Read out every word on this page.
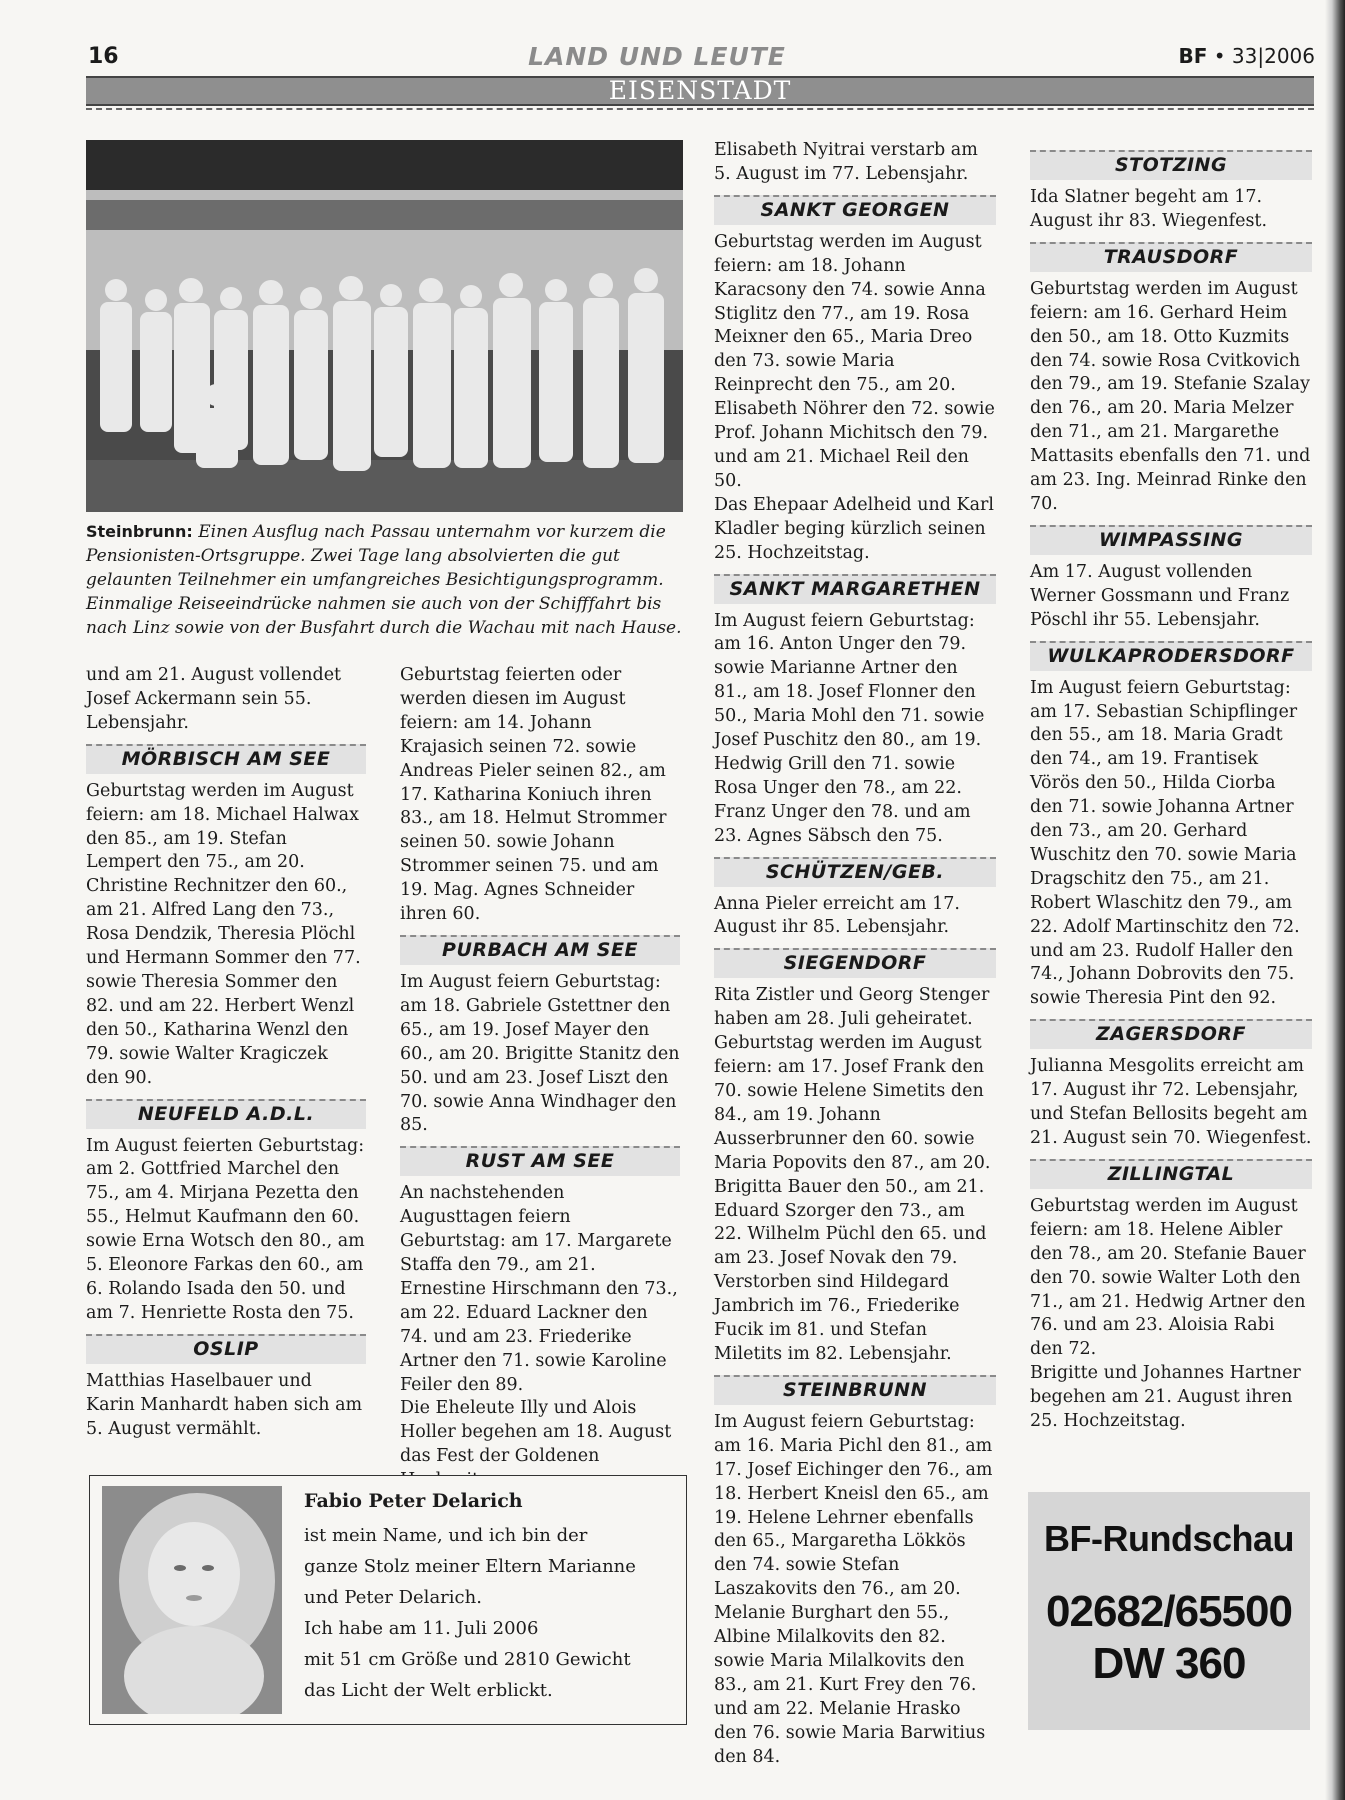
16	LAND UND LEUTE	BF • 33|2006
EISENSTADT
Steinbrunn: Einen Ausflug nach Passau unternahm vor kurzem die Pensionisten-Ortsgruppe. Zwei Tage lang absolvierten die gut gelaunten Teilnehmer ein umfangreiches Besichtigungsprogramm. Einmalige Reiseeindrücke nahmen sie auch von der Schifffahrt bis nach Linz sowie von der Busfahrt durch die Wachau mit nach Hause.

und am 21. August vollendet Josef Ackermann sein 55. Lebensjahr.

MÖRBISCH AM SEE

Geburtstag werden im August feiern: am 18. Michael Halwax den 85., am 19. Stefan Lempert den 75., am 20. Christine Rechnitzer den 60., am 21. Alfred Lang den 73., Rosa Dendzik, Theresia Plöchl und Hermann Sommer den 77. sowie Theresia Sommer den 82. und am 22. Herbert Wenzl den 50., Katharina Wenzl den 79. sowie Walter Kragiczek den 90.

NEUFELD A.D.L.

Im August feierten Geburtstag: am 2. Gottfried Marchel den 75., am 4. Mirjana Pezetta den 55., Helmut Kaufmann den 60. sowie Erna Wotsch den 80., am 5. Eleonore Farkas den 60., am 6. Rolando Isada den 50. und am 7. Henriette Rosta den 75.

OSLIP

Matthias Haselbauer und Karin Manhardt haben sich am 5. August vermählt.

Geburtstag feierten oder werden diesen im August feiern: am 14. Johann Krajasich seinen 72. sowie Andreas Pieler seinen 82., am 17. Katharina Koniuch ihren 83., am 18. Helmut Strommer seinen 50. sowie Johann Strommer seinen 75. und am 19. Mag. Agnes Schneider ihren 60.

PURBACH AM SEE

Im August feiern Geburtstag: am 18. Gabriele Gstettner den 65., am 19. Josef Mayer den 60., am 20. Brigitte Stanitz den 50. und am 23. Josef Liszt den 70. sowie Anna Windhager den 85.

RUST AM SEE

An nachstehenden Augusttagen feiern Geburtstag: am 17. Margarete Staffa den 79., am 21. Ernestine Hirschmann den 73., am 22. Eduard Lackner den 74. und am 23. Friederike Artner den 71. sowie Karoline Feiler den 89.

Die Eheleute Illy und Alois Holler begehen am 18. August das Fest der Goldenen

Elisabeth Nyitrai verstarb am 5. August im 77. Lebensjahr.

SANKT GEORGEN

Geburtstag werden im August feiern: am 18. Johann Karacsony den 74. sowie Anna Stiglitz den 77., am 19. Rosa Meixner den 65., Maria Dreo den 73. sowie Maria Reinprecht den 75., am 20. Elisabeth Nöhrer den 72. sowie Prof. Johann Michitsch den 79. und am 21. Michael Reil den 50.

Das Ehepaar Adelheid und Karl Kladler beging kürzlich seinen 25. Hochzeitstag.

SANKT MARGARETHEN

Im August feiern Geburtstag: am 16. Anton Unger den 79. sowie Marianne Artner den 81., am 18. Josef Flonner den 50., Maria Mohl den 71. sowie Josef Puschitz den 80., am 19. Hedwig Grill den 71. sowie Rosa Unger den 78., am 22. Franz Unger den 78. und am 23. Agnes Säbsch den 75.

SCHÜTZEN/GEB.

Anna Pieler erreicht am 17. August ihr 85. Lebensjahr.

SIEGENDORF

Rita Zistler und Georg Stenger haben am 28. Juli geheiratet.

Geburtstag werden im August feiern: am 17. Josef Frank den 70. sowie Helene Simetits den 84., am 19. Johann Ausserbrunner den 60. sowie Maria Popovits den 87., am 20. Brigitta Bauer den 50., am 21. Eduard Szorger den 73., am 22. Wilhelm Püchl den 65. und am 23. Josef Novak den 79.

Verstorben sind Hildegard Jambrich im 76., Friederike Fucik im 81. und Stefan Miletits im 82. Lebensjahr.

STEINBRUNN

Im August feiern Geburtstag: am 16. Maria Pichl den 81., am 17. Josef Eichinger den 76., am 18. Herbert Kneisl den 65., am 19. Helene Lehrner ebenfalls den 65., Margaretha Lökkös den 74. sowie Stefan Laszakovits den 76., am 20. Melanie Burghart den 55., Albine Milalkovits den 82. sowie Maria Milalkovits den 83., am 21. Kurt Frey den 76. und am 22. Melanie Hrasko den 76. sowie Maria Barwitius den 84.

STOTZING

Ida Slatner begeht am 17. August ihr 83. Wiegenfest.

TRAUSDORF

Geburtstag werden im August feiern: am 16. Gerhard Heim den 50., am 18. Otto Kuzmits den 74. sowie Rosa Cvitkovich den 79., am 19. Stefanie Szalay den 76., am 20. Maria Melzer den 71., am 21. Margarethe Mattasits ebenfalls den 71. und am 23. Ing. Meinrad Rinke den 70.

WIMPASSING

Am 17. August vollenden Werner Gossmann und Franz Pöschl ihr 55. Lebensjahr.

WULKAPRODERSDORF

Im August feiern Geburtstag: am 17. Sebastian Schipflinger den 55., am 18. Maria Gradt den 74., am 19. Frantisek Vörös den 50., Hilda Ciorba den 71. sowie Johanna Artner den 73., am 20. Gerhard Wuschitz den 70. sowie Maria Dragschitz den 75., am 21. Robert Wlaschitz den 79., am 22. Adolf Martinschitz den 72. und am 23. Rudolf Haller den 74., Johann Dobrovits den 75. sowie Theresia Pint den 92.

ZAGERSDORF

Julianna Mesgolits erreicht am 17. August ihr 72. Lebensjahr, und Stefan Bellosits begeht am 21. August sein 70. Wiegenfest.

ZILLINGTAL

Geburtstag werden im August feiern: am 18. Helene Aibler den 78., am 20. Stefanie Bauer den 70. sowie Walter Loth den 71., am 21. Hedwig Artner den 76. und am 23. Aloisia Rabi den 72.

Brigitte und Johannes Hartner begehen am 21. August ihren 25. Hochzeitstag.

Fabio Peter Delarich

ist mein Name, und ich bin der

ganze Stolz meiner Eltern Marianne

und Peter Delarich.

Ich habe am 11. Juli 2006

mit 51 cm Größe und 2810 Gewicht

das Licht der Welt erblickt.

BF-Rundschau
02682/65500
DW 360
